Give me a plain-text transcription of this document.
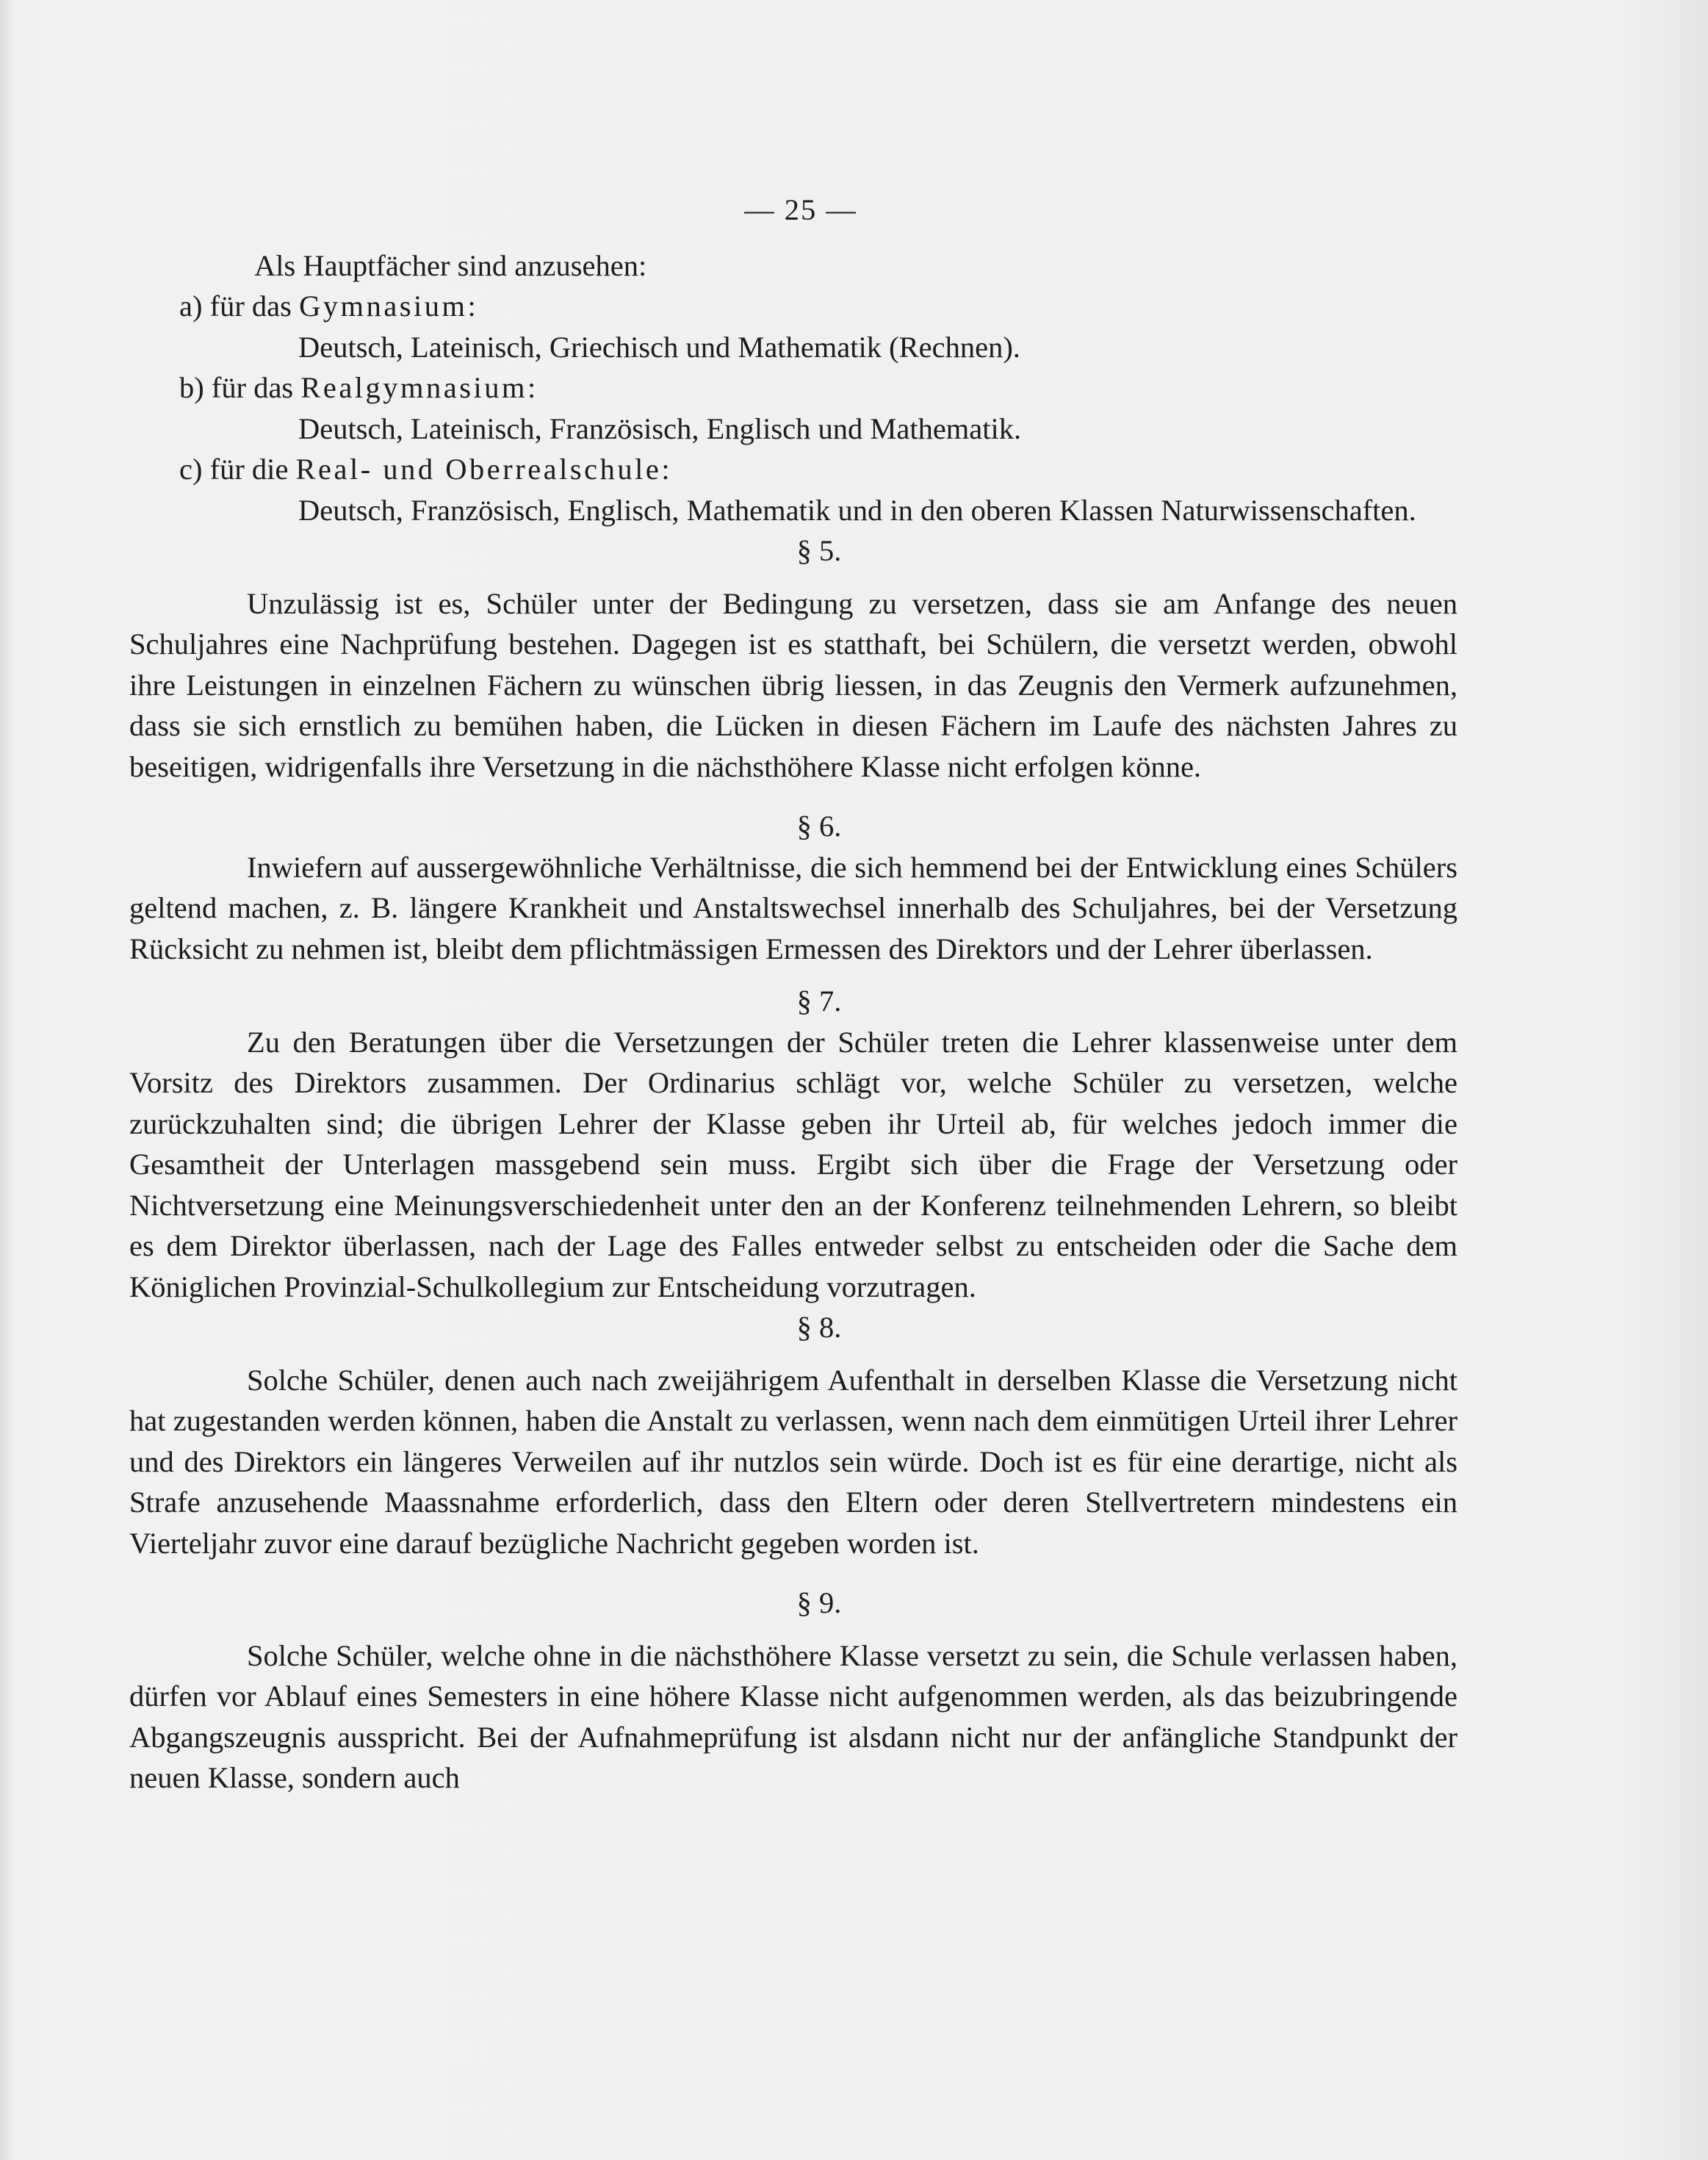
— 25 —

Als Hauptfächer sind anzusehen:

a) für das Gymnasium:

Deutsch, Lateinisch, Griechisch und Mathematik (Rechnen).

b) für das Realgymnasium:

Deutsch, Lateinisch, Französisch, Englisch und Mathematik.

c) für die Real- und Oberrealschule:

Deutsch, Französisch, Englisch, Mathematik und in den oberen Klassen Naturwissenschaften.

§ 5.

Unzulässig ist es, Schüler unter der Bedingung zu versetzen, dass sie am Anfange des neuen Schuljahres eine Nachprüfung bestehen. Dagegen ist es statthaft, bei Schülern, die versetzt werden, obwohl ihre Leistungen in einzelnen Fächern zu wünschen übrig liessen, in das Zeugnis den Vermerk aufzunehmen, dass sie sich ernstlich zu bemühen haben, die Lücken in diesen Fächern im Laufe des nächsten Jahres zu beseitigen, widrigenfalls ihre Versetzung in die nächsthöhere Klasse nicht erfolgen könne.

§ 6.

Inwiefern auf aussergewöhnliche Verhältnisse, die sich hemmend bei der Entwicklung eines Schülers geltend machen, z. B. längere Krankheit und Anstaltswechsel innerhalb des Schuljahres, bei der Versetzung Rücksicht zu nehmen ist, bleibt dem pflichtmässigen Ermessen des Direktors und der Lehrer überlassen.

§ 7.

Zu den Beratungen über die Versetzungen der Schüler treten die Lehrer klassenweise unter dem Vorsitz des Direktors zusammen. Der Ordinarius schlägt vor, welche Schüler zu versetzen, welche zurückzuhalten sind; die übrigen Lehrer der Klasse geben ihr Urteil ab, für welches jedoch immer die Gesamtheit der Unterlagen massgebend sein muss. Ergibt sich über die Frage der Versetzung oder Nichtversetzung eine Meinungsverschiedenheit unter den an der Konferenz teilnehmenden Lehrern, so bleibt es dem Direktor überlassen, nach der Lage des Falles entweder selbst zu entscheiden oder die Sache dem Königlichen Provinzial-Schulkollegium zur Entscheidung vorzutragen.

§ 8.

Solche Schüler, denen auch nach zweijährigem Aufenthalt in derselben Klasse die Versetzung nicht hat zugestanden werden können, haben die Anstalt zu verlassen, wenn nach dem einmütigen Urteil ihrer Lehrer und des Direktors ein längeres Verweilen auf ihr nutzlos sein würde. Doch ist es für eine derartige, nicht als Strafe anzusehende Maassnahme erforderlich, dass den Eltern oder deren Stellvertretern mindestens ein Vierteljahr zuvor eine darauf bezügliche Nachricht gegeben worden ist.

§ 9.

Solche Schüler, welche ohne in die nächsthöhere Klasse versetzt zu sein, die Schule verlassen haben, dürfen vor Ablauf eines Semesters in eine höhere Klasse nicht aufgenommen werden, als das beizubringende Abgangszeugnis ausspricht. Bei der Aufnahmeprüfung ist alsdann nicht nur der anfängliche Standpunkt der neuen Klasse, sondern auch
